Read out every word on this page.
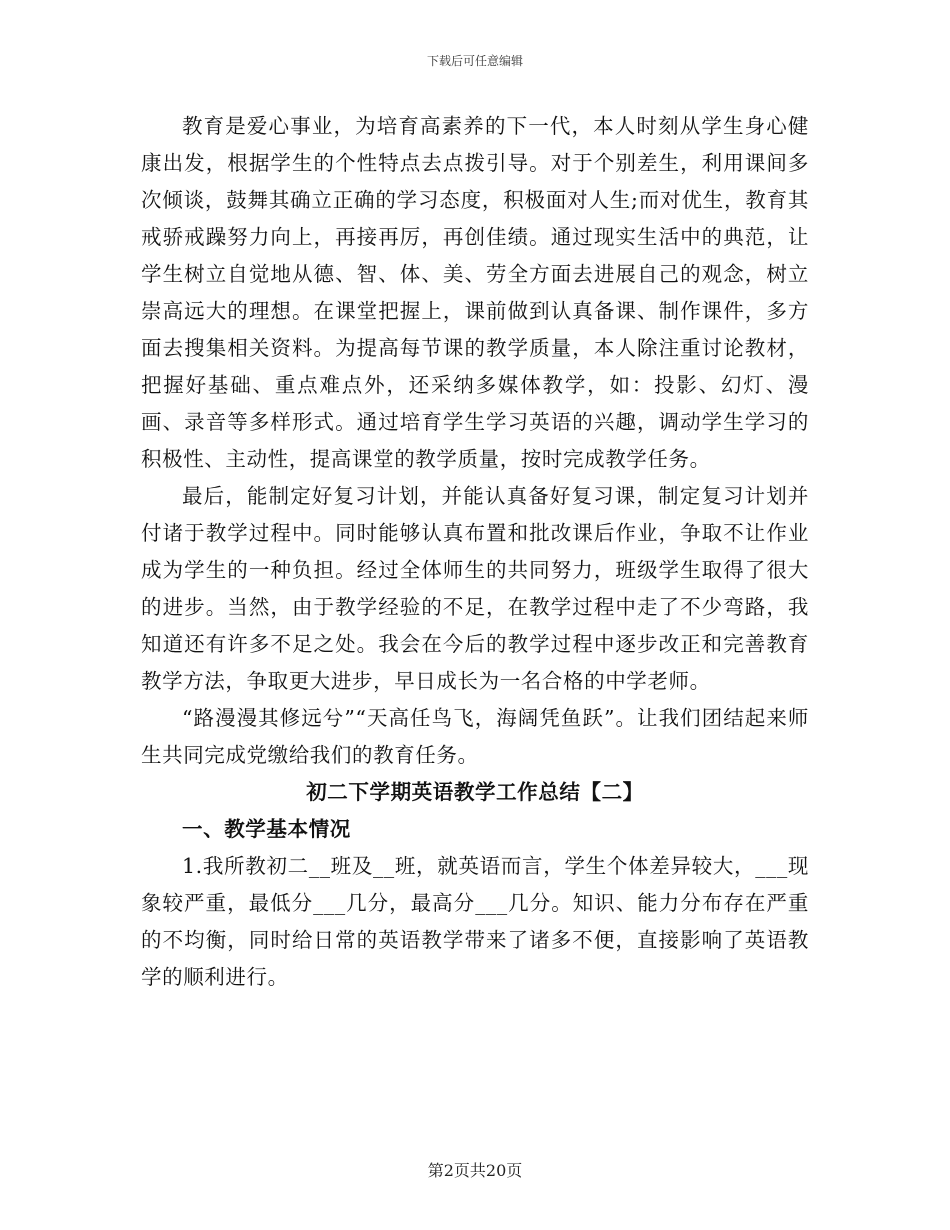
下载后可任意编辑

教育是爱心事业，为培育高素养的下一代，本人时刻从学生身心健康出发，根据学生的个性特点去点拨引导。对于个别差生，利用课间多次倾谈，鼓舞其确立正确的学习态度，积极面对人生;而对优生，教育其戒骄戒躁努力向上，再接再厉，再创佳绩。通过现实生活中的典范，让学生树立自觉地从德、智、体、美、劳全方面去进展自己的观念，树立崇高远大的理想。在课堂把握上，课前做到认真备课、制作课件，多方面去搜集相关资料。为提高每节课的教学质量，本人除注重讨论教材，把握好基础、重点难点外，还采纳多媒体教学，如：投影、幻灯、漫画、录音等多样形式。通过培育学生学习英语的兴趣，调动学生学习的积极性、主动性，提高课堂的教学质量，按时完成教学任务。

最后，能制定好复习计划，并能认真备好复习课，制定复习计划并付诸于教学过程中。同时能够认真布置和批改课后作业，争取不让作业成为学生的一种负担。经过全体师生的共同努力，班级学生取得了很大的进步。当然，由于教学经验的不足，在教学过程中走了不少弯路，我知道还有许多不足之处。我会在今后的教学过程中逐步改正和完善教育教学方法，争取更大进步，早日成长为一名合格的中学老师。

“路漫漫其修远兮”“天高任鸟飞，海阔凭鱼跃”。让我们团结起来师生共同完成党缴给我们的教育任务。

初二下学期英语教学工作总结【二】
一、教学基本情况

1.我所教初二__班及__班，就英语而言，学生个体差异较大，___现象较严重，最低分___几分，最高分___几分。知识、能力分布存在严重的不均衡，同时给日常的英语教学带来了诸多不便，直接影响了英语教学的顺利进行。

第2页共20页
